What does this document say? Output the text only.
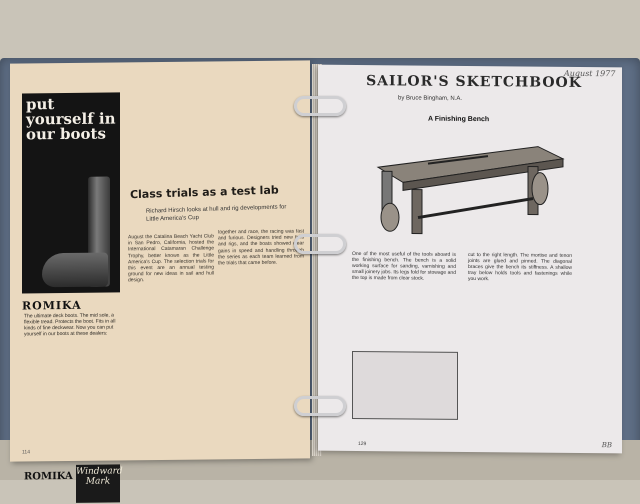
put yourself in our boots
ROMIKA
The ultimate deck boots. The mid sole, a flexible tread. Protects the boot. Fits in all kinds of fine deckwear. Now you can put yourself in our boots at these dealers:
ROMIKA Windward Mark
Class trials as a test lab
Richard Hirsch looks at hull and rig developments for Little America's Cup
August the Catalina Beach Yacht Club in San Pedro, California, hosted the International Catamaran Challenge Trophy, better known as the Little America's Cup. The selection trials for this event are an annual testing ground for new ideas in sail and hull design.
together and race, the racing was fast and furious. Designers tried new foils and rigs, and the boats showed clear gains in speed and handling through the series as each team learned from the trials that came before.
114
August 1977
SAILOR'S SKETCHBOOK
by Bruce Bingham, N.A.
A Finishing Bench
One of the most useful of the tools aboard is the finishing bench. The bench is a solid working surface for sanding, varnishing and small joinery jobs. Its legs fold for stowage and the top is made from clear stock.
cut to the right length. The mortise and tenon joints are glued and pinned. The diagonal braces give the bench its stiffness. A shallow tray below holds tools and fastenings while you work.
129	BB
